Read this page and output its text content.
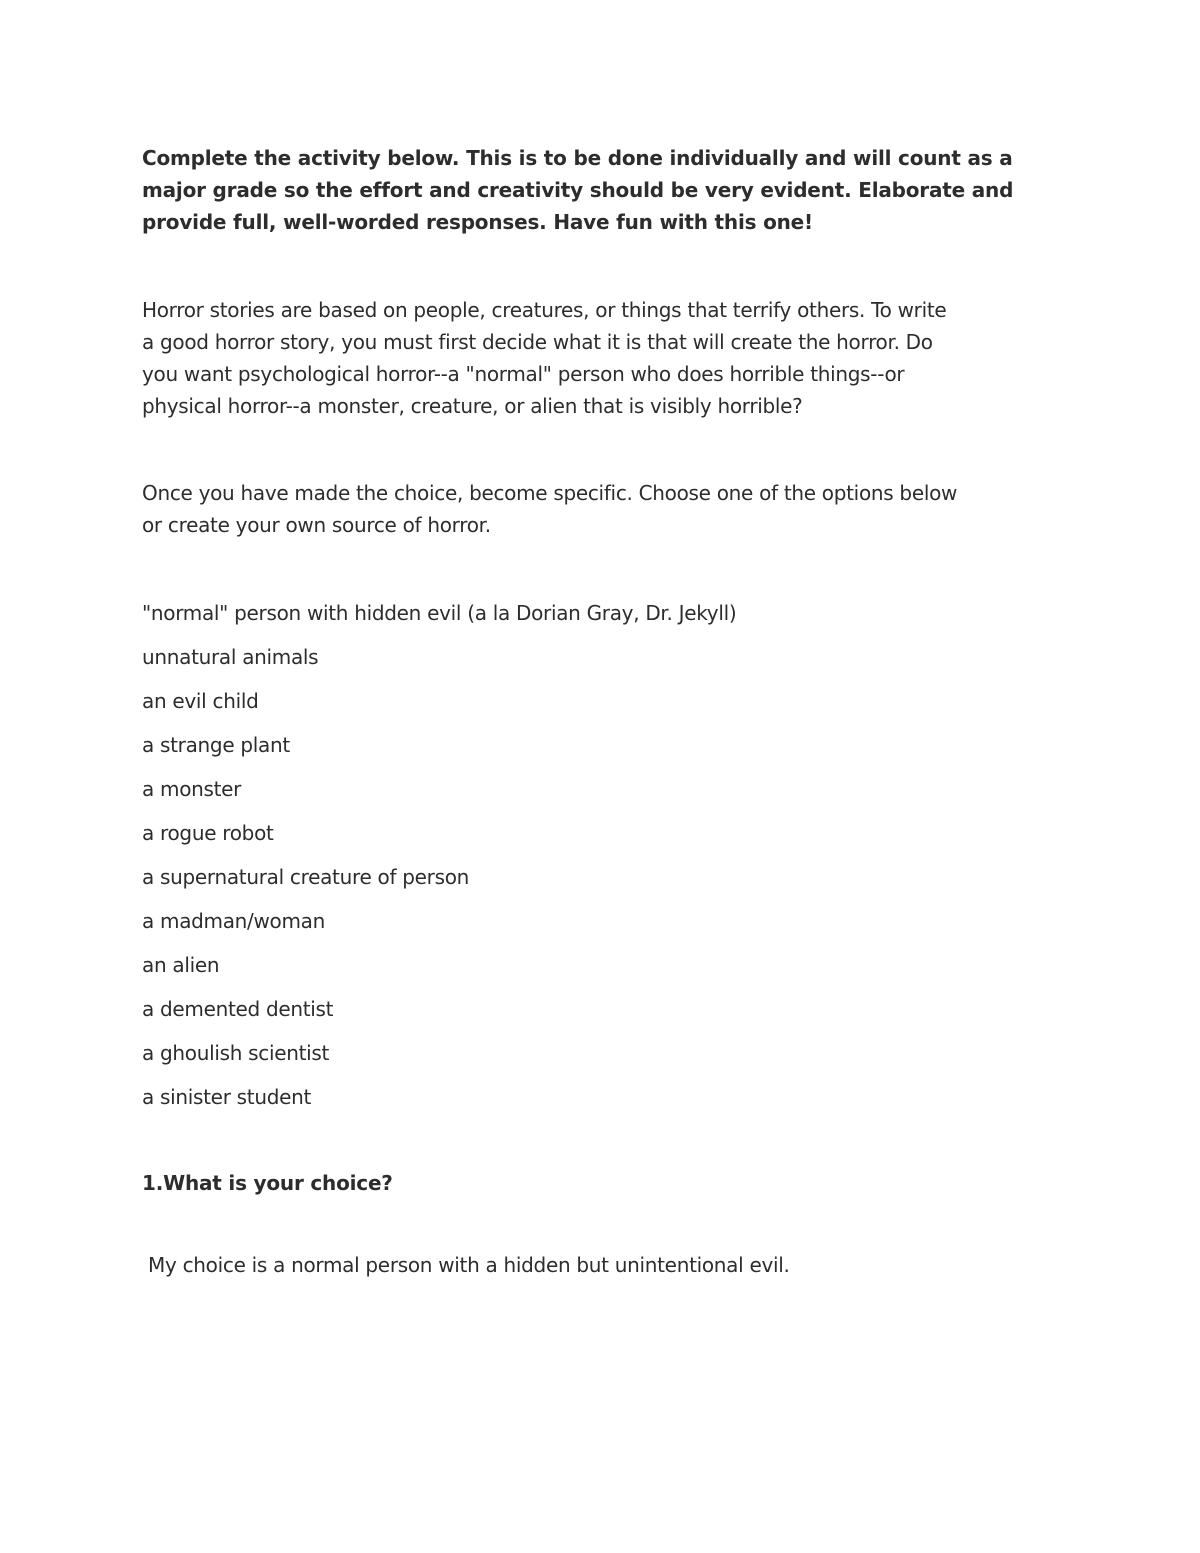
Complete the activity below. This is to be done individually and will count as a
major grade so the effort and creativity should be very evident. Elaborate and
provide full, well-worded responses. Have fun with this one!
Horror stories are based on people, creatures, or things that terrify others. To write
a good horror story, you must first decide what it is that will create the horror. Do
you want psychological horror--a "normal" person who does horrible things--or
physical horror--a monster, creature, or alien that is visibly horrible?
Once you have made the choice, become specific. Choose one of the options below
or create your own source of horror.
"normal" person with hidden evil (a la Dorian Gray, Dr. Jekyll)
unnatural animals
an evil child
a strange plant
a monster
a rogue robot
a supernatural creature of person
a madman/woman
an alien
a demented dentist
a ghoulish scientist
a sinister student
1.What is your choice?

My choice is a normal person with a hidden but unintentional evil.
